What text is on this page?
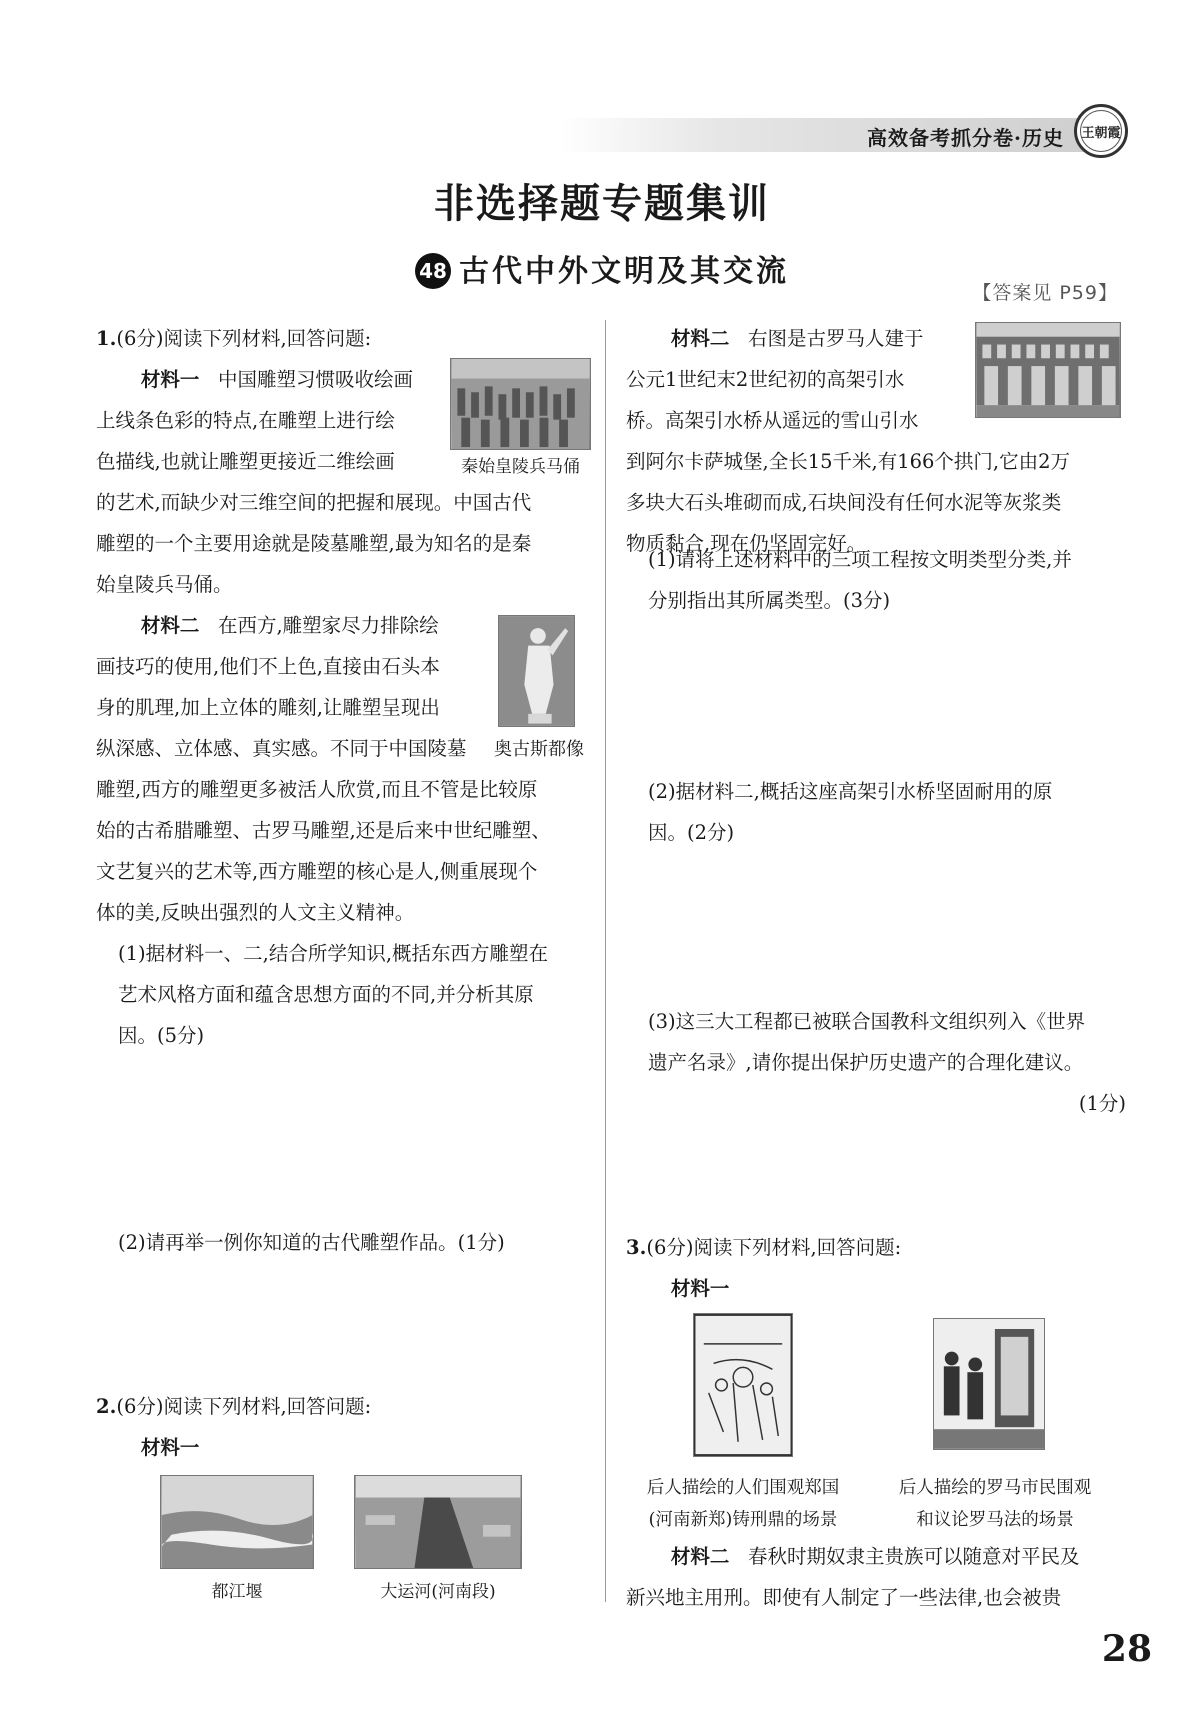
高效备考抓分卷·历史 王朝霞
非选择题专题集训
48 古代中外文明及其交流
【答案见 P59】

1.(6分)阅读下列材料,回答问题:

材料一 中国雕塑习惯吸收绘画

上线条色彩的特点,在雕塑上进行绘

色描线,也就让雕塑更接近二维绘画	秦始皇陵兵马俑

的艺术,而缺少对三维空间的把握和展现。中国古代

雕塑的一个主要用途就是陵墓雕塑,最为知名的是秦

始皇陵兵马俑。

材料二 在西方,雕塑家尽力排除绘

画技巧的使用,他们不上色,直接由石头本

身的肌理,加上立体的雕刻,让雕塑呈现出

纵深感、立体感、真实感。不同于中国陵墓	奥古斯都像

雕塑,西方的雕塑更多被活人欣赏,而且不管是比较原

始的古希腊雕塑、古罗马雕塑,还是后来中世纪雕塑、

文艺复兴的艺术等,西方雕塑的核心是人,侧重展现个

体的美,反映出强烈的人文主义精神。

(1)据材料一、二,结合所学知识,概括东西方雕塑在

艺术风格方面和蕴含思想方面的不同,并分析其原

因。(5分)

(2)请再举一例你知道的古代雕塑作品。(1分)

2.(6分)阅读下列材料,回答问题:

材料一

都江堰	大运河(河南段)

材料二 右图是古罗马人建于

公元1世纪末2世纪初的高架引水

桥。高架引水桥从遥远的雪山引水

到阿尔卡萨城堡,全长15千米,有166个拱门,它由2万

多块大石头堆砌而成,石块间没有任何水泥等灰浆类

物质黏合,现在仍坚固完好。

(1)请将上述材料中的三项工程按文明类型分类,并

分别指出其所属类型。(3分)

(2)据材料二,概括这座高架引水桥坚固耐用的原

因。(2分)

(3)这三大工程都已被联合国教科文组织列入《世界

遗产名录》,请你提出保护历史遗产的合理化建议。

(1分)

3.(6分)阅读下列材料,回答问题:

材料一

后人描绘的人们围观郑国
(河南新郑)铸刑鼎的场景
后人描绘的罗马市民围观
和议论罗马法的场景

材料二 春秋时期奴隶主贵族可以随意对平民及

新兴地主用刑。即使有人制定了一些法律,也会被贵

28
